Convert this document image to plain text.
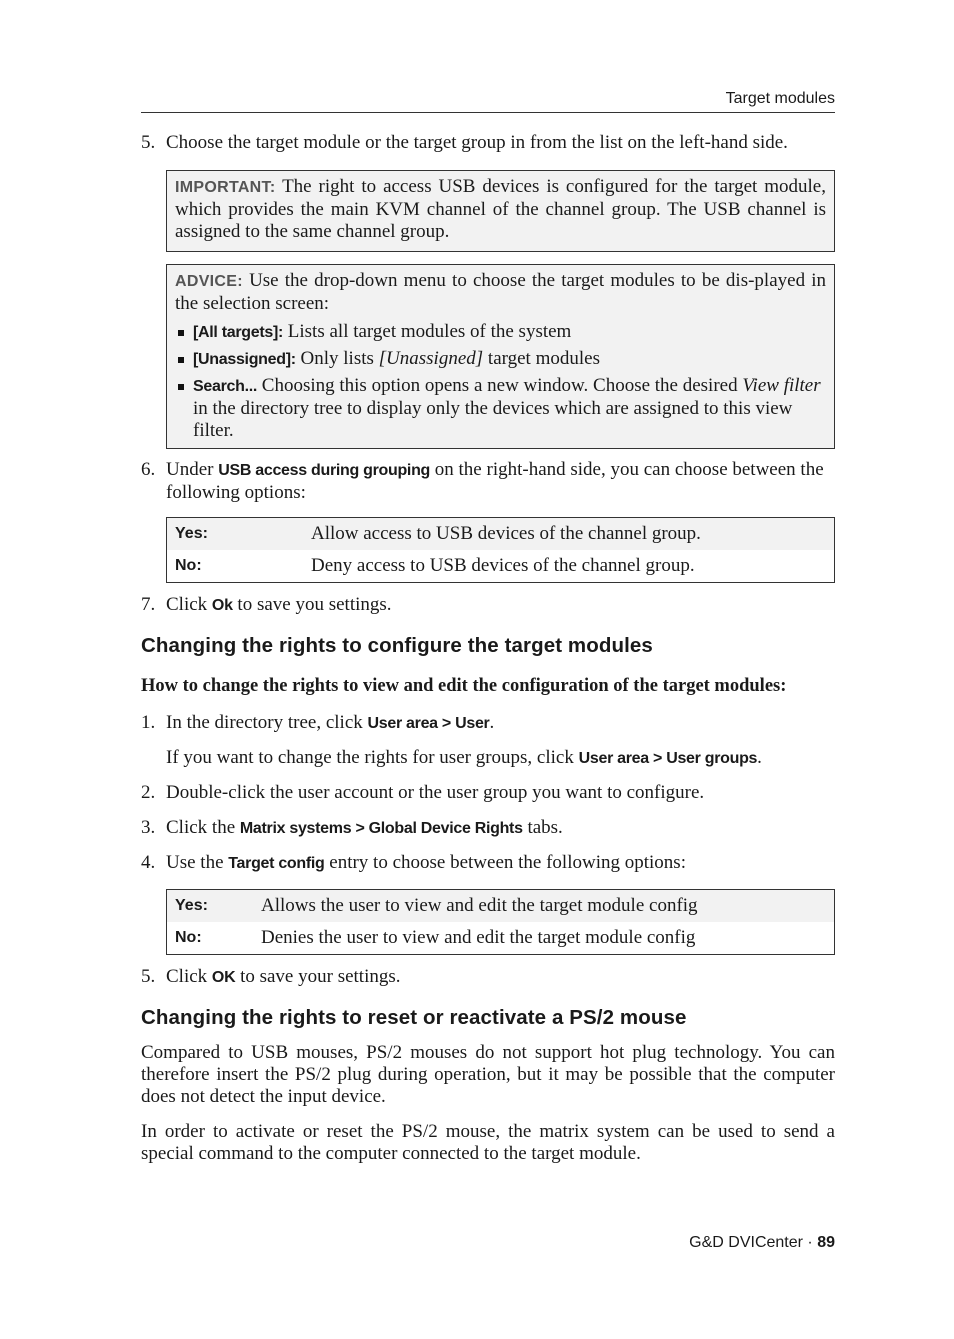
Target modules
5. Choose the target module or the target group in from the list on the left-hand side.
IMPORTANT: The right to access USB devices is configured for the target module, which provides the main KVM channel of the channel group. The USB channel is assigned to the same channel group.
ADVICE: Use the drop-down menu to choose the target modules to be dis-played in the selection screen:
[All targets]: Lists all target modules of the system
[Unassigned]: Only lists [Unassigned] target modules
Search... Choosing this option opens a new window. Choose the desired View filter in the directory tree to display only the devices which are assigned to this view filter.
6. Under USB access during grouping on the right-hand side, you can choose between the following options:
Yes:	Allow access to USB devices of the channel group.
No:	Deny access to USB devices of the channel group.
7. Click Ok to save you settings.
Changing the rights to configure the target modules
How to change the rights to view and edit the configuration of the target modules:
1. In the directory tree, click User area > User.
If you want to change the rights for user groups, click User area > User groups.
2. Double-click the user account or the user group you want to configure.
3. Click the Matrix systems > Global Device Rights tabs.
4. Use the Target config entry to choose between the following options:
Yes:	Allows the user to view and edit the target module config
No:	Denies the user to view and edit the target module config
5. Click OK to save your settings.
Changing the rights to reset or reactivate a PS/2 mouse
Compared to USB mouses, PS/2 mouses do not support hot plug technology. You can therefore insert the PS/2 plug during operation, but it may be possible that the computer does not detect the input device.
In order to activate or reset the PS/2 mouse, the matrix system can be used to send a special command to the computer connected to the target module.
G&D DVICenter · 89
